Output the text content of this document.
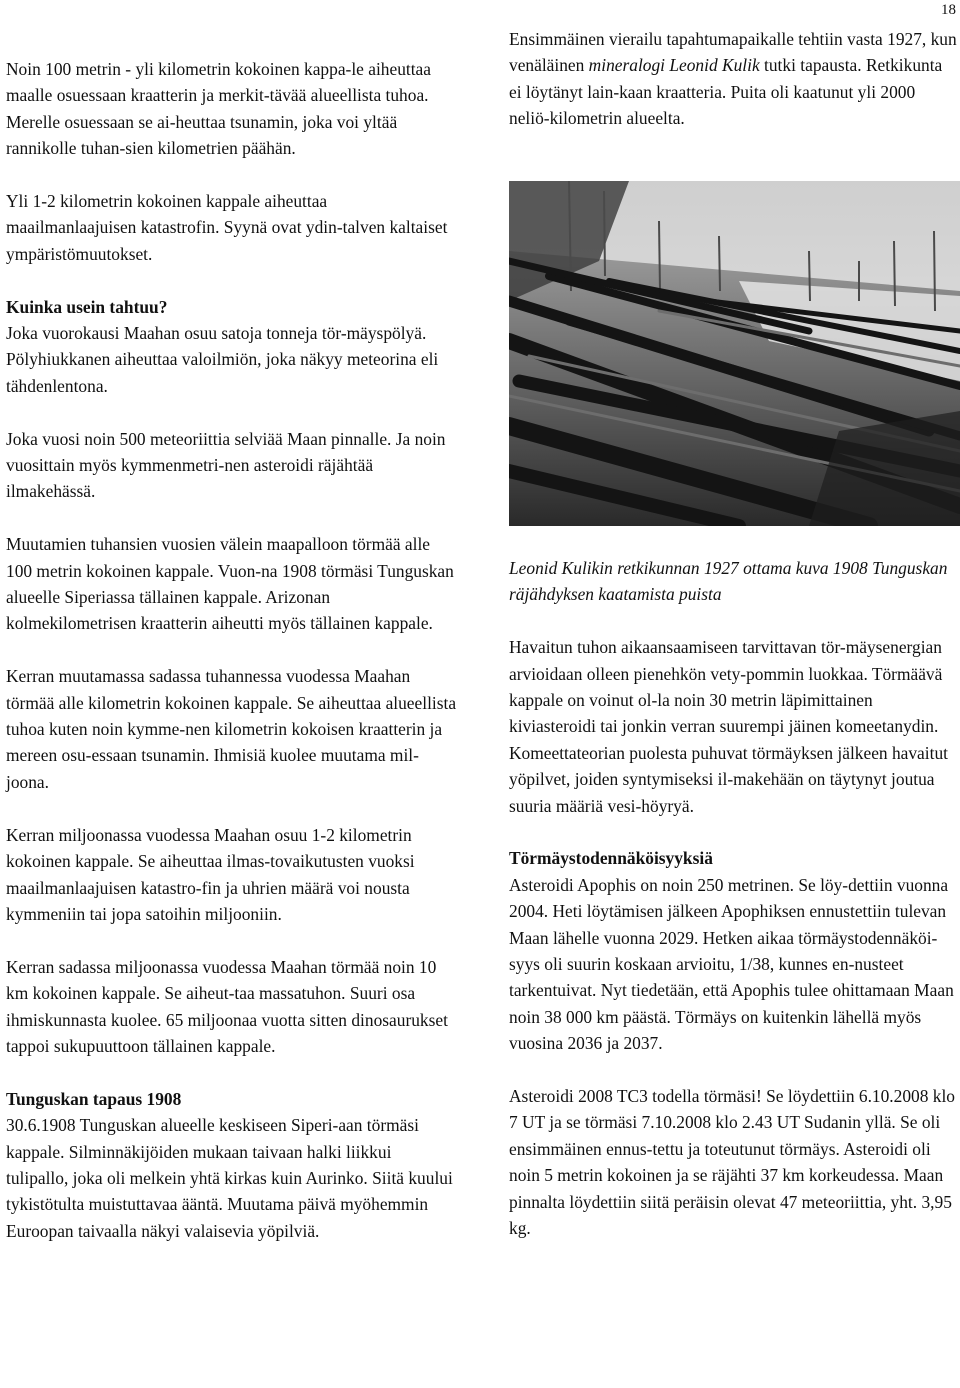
18

Noin 100 metrin - yli kilometrin kokoinen kappa-le aiheuttaa maalle osuessaan kraatterin ja merkit-tävää alueellista tuhoa. Merelle osuessaan se ai-heuttaa tsunamin, joka voi yltää rannikolle tuhan-sien kilometrien päähän.

Yli 1-2 kilometrin kokoinen kappale aiheuttaa maailmanlaajuisen katastrofin. Syynä ovat ydin-talven kaltaiset ympäristömuutokset.

Kuinka usein tahtuu?

Joka vuorokausi Maahan osuu satoja tonneja tör-mäyspölyä. Pölyhiukkanen aiheuttaa valoilmiön, joka näkyy meteorina eli tähdenlentona.

Joka vuosi noin 500 meteoriittia selviää Maan pinnalle. Ja noin vuosittain myös kymmenmetri-nen asteroidi räjähtää ilmakehässä.

Muutamien tuhansien vuosien välein maapalloon törmää alle 100 metrin kokoinen kappale. Vuon-na 1908 törmäsi Tunguskan alueelle Siperiassa tällainen kappale. Arizonan kolmekilometrisen kraatterin aiheutti myös tällainen kappale.

Kerran muutamassa sadassa tuhannessa vuodessa Maahan törmää alle kilometrin kokoinen kappale. Se aiheuttaa alueellista tuhoa kuten noin kymme-nen kilometrin kokoisen kraatterin ja mereen osu-essaan tsunamin. Ihmisiä kuolee muutama mil-joona.

Kerran miljoonassa vuodessa Maahan osuu 1-2 kilometrin kokoinen kappale. Se aiheuttaa ilmas-tovaikutusten vuoksi maailmanlaajuisen katastro-fin ja uhrien määrä voi nousta kymmeniin tai jopa satoihin miljooniin.

Kerran sadassa miljoonassa vuodessa Maahan törmää noin 10 km kokoinen kappale. Se aiheut-taa massatuhon. Suuri osa ihmiskunnasta kuolee. 65 miljoonaa vuotta sitten dinosaurukset tappoi sukupuuttoon tällainen kappale.

Tunguskan tapaus 1908

30.6.1908 Tunguskan alueelle keskiseen Siperi-aan törmäsi kappale. Silminnäkijöiden mukaan taivaan halki liikkui tulipallo, joka oli melkein yhtä kirkas kuin Aurinko. Siitä kuului tykistötulta muistuttavaa ääntä. Muutama päivä myöhemmin Euroopan taivaalla näkyi valaisevia yöpilviä.

Ensimmäinen vierailu tapahtumapaikalle tehtiin vasta 1927, kun venäläinen mineralogi Leonid Kulik tutki tapausta. Retkikunta ei löytänyt lain-kaan kraatteria. Puita oli kaatunut yli 2000 neliö-kilometrin alueelta.

Leonid Kulikin retkikunnan 1927 ottama kuva 1908 Tunguskan räjähdyksen kaatamista puista

Havaitun tuhon aikaansaamiseen tarvittavan tör-mäysenergian arvioidaan olleen pienehkön vety-pommin luokkaa. Törmäävä kappale on voinut ol-la noin 30 metrin läpimittainen kiviasteroidi tai jonkin verran suurempi jäinen komeetanydin. Komeettateorian puolesta puhuvat törmäyksen jälkeen havaitut yöpilvet, joiden syntymiseksi il-makehään on täytynyt joutua suuria määriä vesi-höyryä.

Törmäystodennäköisyyksiä

Asteroidi Apophis on noin 250 metrinen. Se löy-dettiin vuonna 2004. Heti löytämisen jälkeen Apophiksen ennustettiin tulevan Maan lähelle vuonna 2029. Hetken aikaa törmäystodennäköi-syys oli suurin koskaan arvioitu, 1/38, kunnes en-nusteet tarkentuivat. Nyt tiedetään, että Apophis tulee ohittamaan Maan noin 38 000 km päästä. Törmäys on kuitenkin lähellä myös vuosina 2036 ja 2037.

Asteroidi 2008 TC3 todella törmäsi! Se löydettiin 6.10.2008 klo 7 UT ja se törmäsi 7.10.2008 klo 2.43 UT Sudanin yllä. Se oli ensimmäinen ennus-tettu ja toteutunut törmäys. Asteroidi oli noin 5 metrin kokoinen ja se räjähti 37 km korkeudessa. Maan pinnalta löydettiin siitä peräisin olevat 47 meteoriittia, yht. 3,95 kg.
